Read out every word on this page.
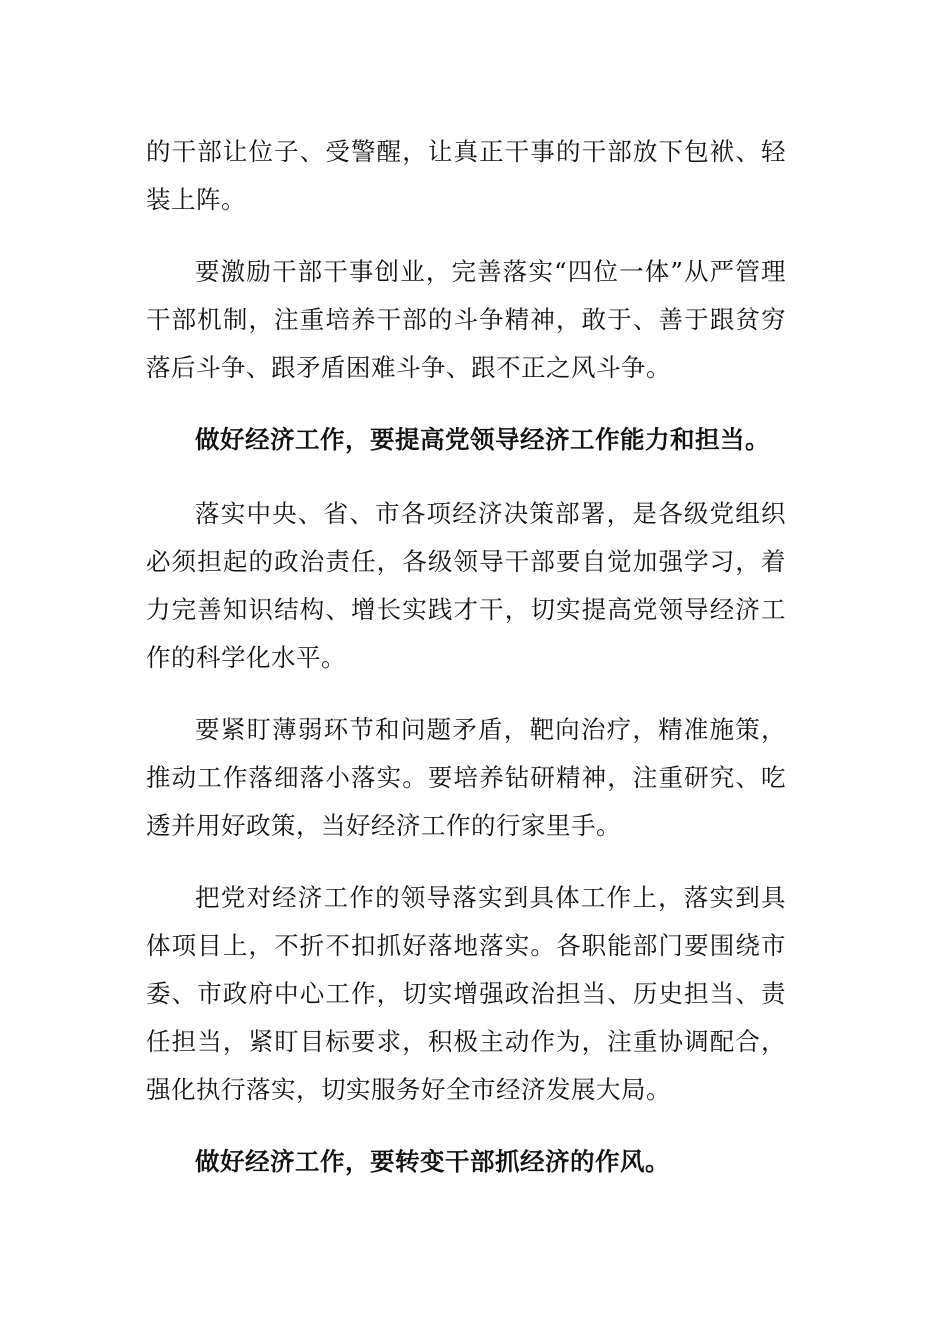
的干部让位子、受警醒，让真正干事的干部放下包袱、轻装上阵。

要激励干部干事创业，完善落实“四位一体”从严管理干部机制，注重培养干部的斗争精神，敢于、善于跟贫穷落后斗争、跟矛盾困难斗争、跟不正之风斗争。

做好经济工作，要提高党领导经济工作能力和担当。

落实中央、省、市各项经济决策部署，是各级党组织必须担起的政治责任，各级领导干部要自觉加强学习，着力完善知识结构、增长实践才干，切实提高党领导经济工作的科学化水平。

要紧盯薄弱环节和问题矛盾，靶向治疗，精准施策，推动工作落细落小落实。要培养钻研精神，注重研究、吃透并用好政策，当好经济工作的行家里手。

把党对经济工作的领导落实到具体工作上，落实到具体项目上，不折不扣抓好落地落实。各职能部门要围绕市委、市政府中心工作，切实增强政治担当、历史担当、责任担当，紧盯目标要求，积极主动作为，注重协调配合，强化执行落实，切实服务好全市经济发展大局。

做好经济工作，要转变干部抓经济的作风。
